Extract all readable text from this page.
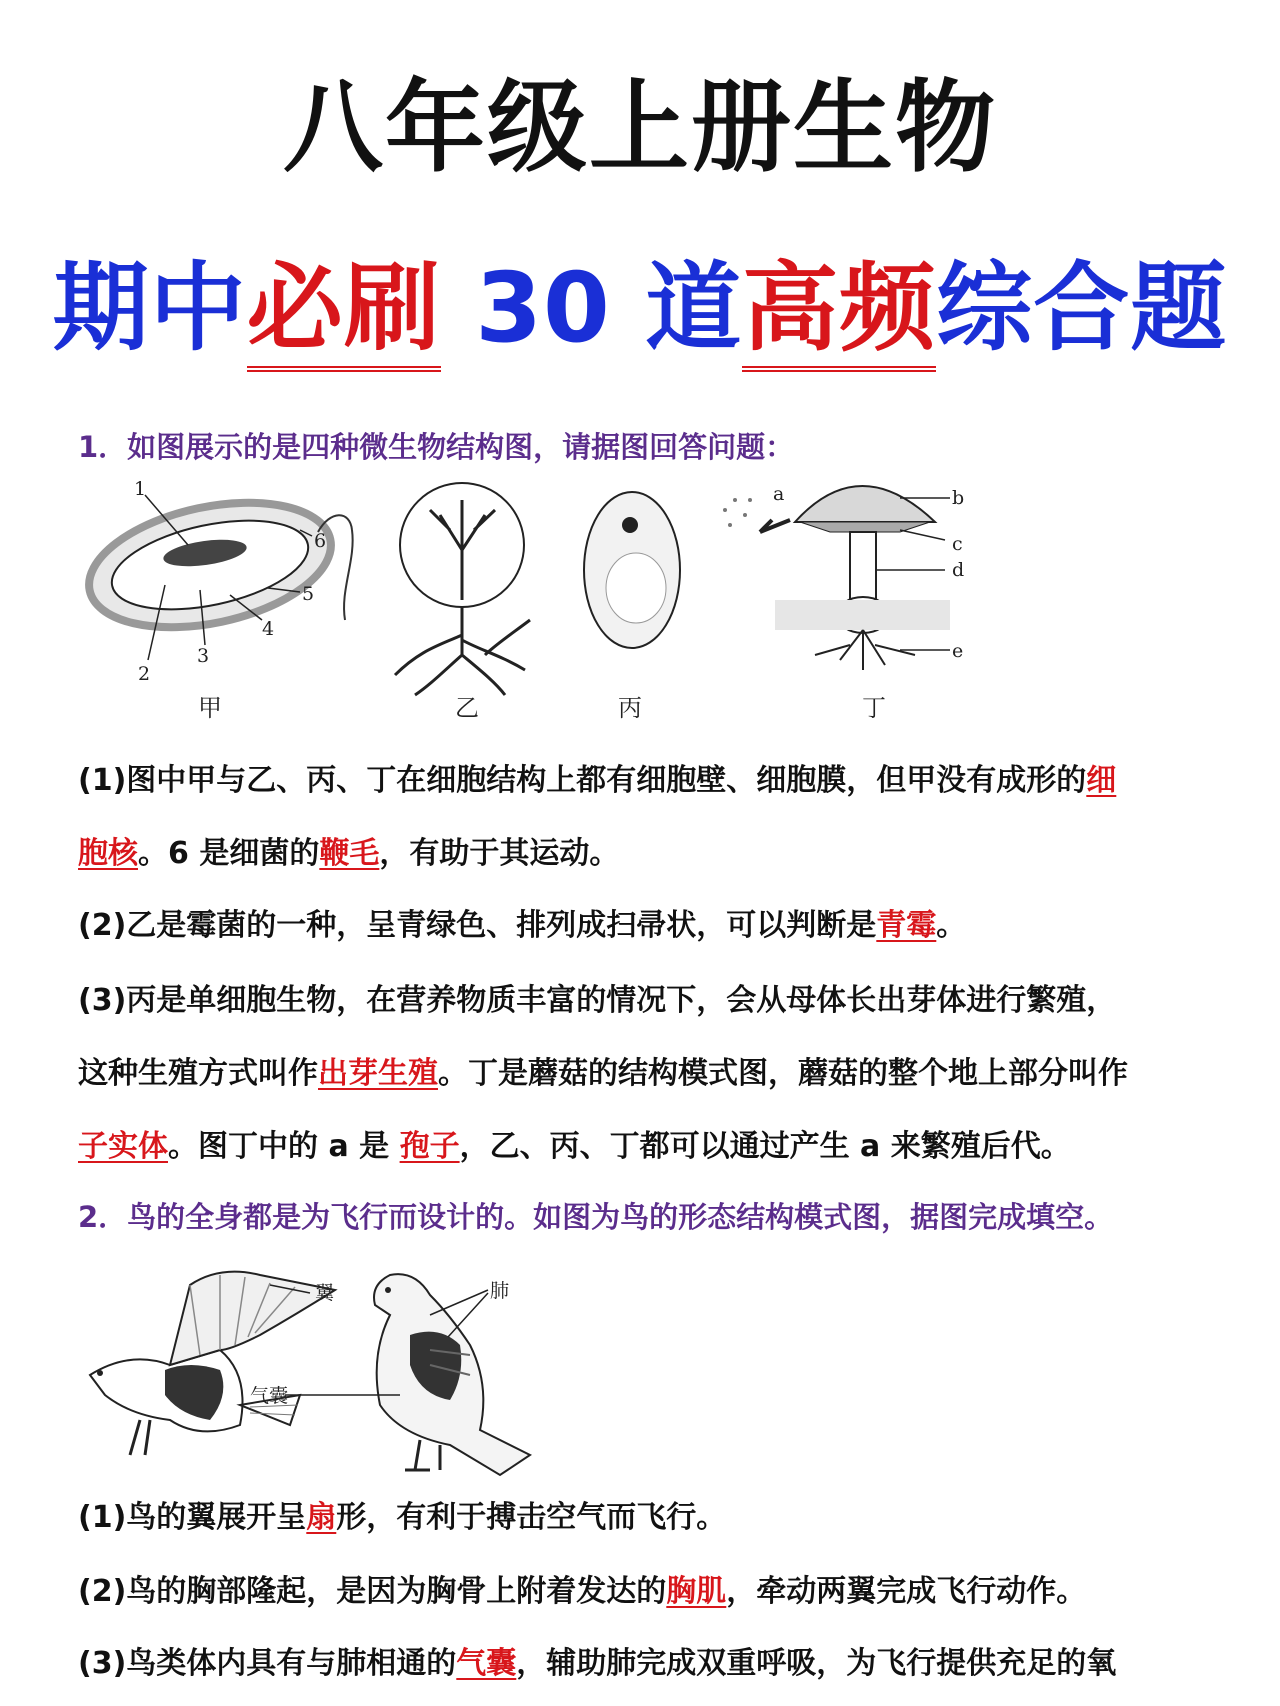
八年级上册生物
期中必刷 30 道高频综合题
1．如图展示的是四种微生物结构图，请据图回答问题：
1
2
3
4
5
6
a	b
c
d
e
甲	乙	丙	丁
(1)图中甲与乙、丙、丁在细胞结构上都有细胞壁、细胞膜，但甲没有成形的细
胞核。6 是细菌的鞭毛，有助于其运动。
(2)乙是霉菌的一种，呈青绿色、排列成扫帚状，可以判断是青霉。
(3)丙是单细胞生物，在营养物质丰富的情况下，会从母体长出芽体进行繁殖，
这种生殖方式叫作出芽生殖。丁是蘑菇的结构模式图，蘑菇的整个地上部分叫作
子实体。图丁中的 a 是 孢子，乙、丙、丁都可以通过产生 a 来繁殖后代。
2．鸟的全身都是为飞行而设计的。如图为鸟的形态结构模式图，据图完成填空。
翼	肺
气囊
(1)鸟的翼展开呈扇形，有利于搏击空气而飞行。
(2)鸟的胸部隆起，是因为胸骨上附着发达的胸肌，牵动两翼完成飞行动作。
(3)鸟类体内具有与肺相通的气囊，辅助肺完成双重呼吸，为飞行提供充足的氧
